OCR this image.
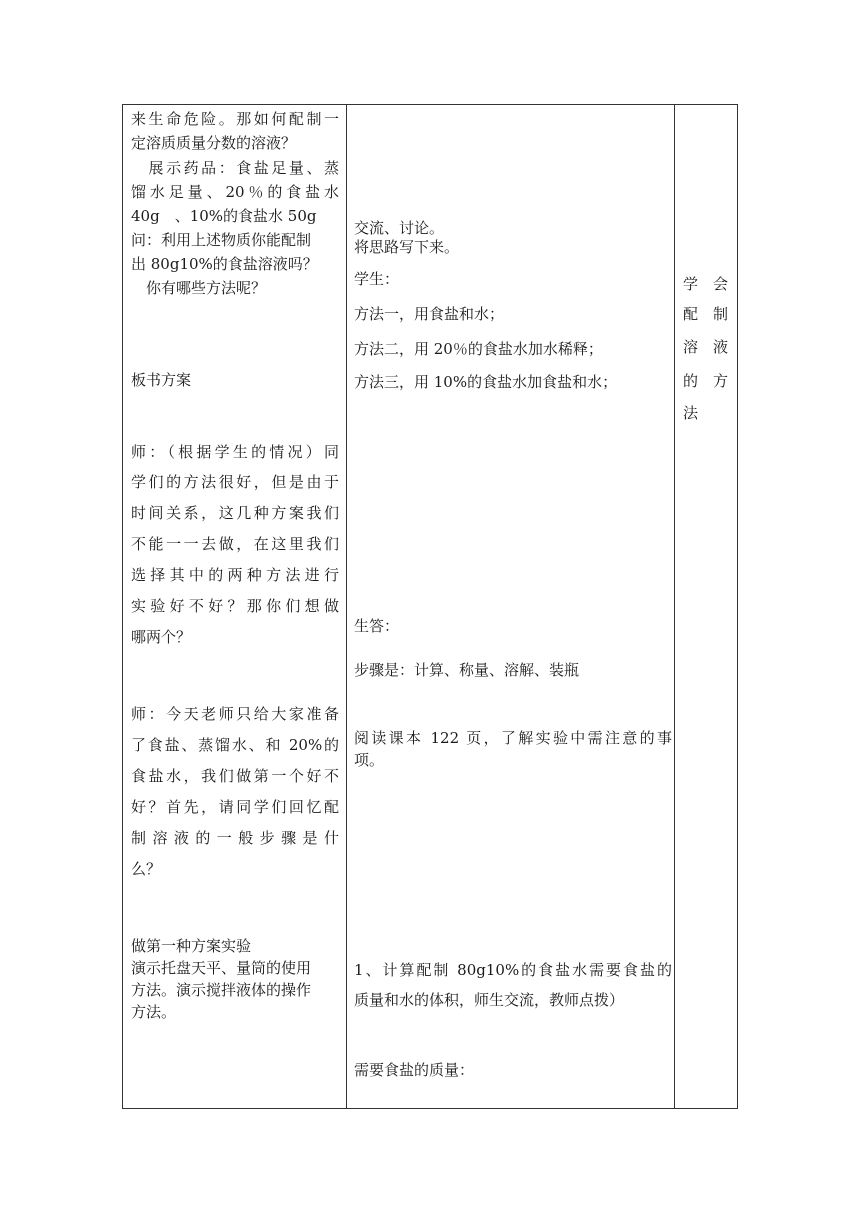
来生命危险。那如何配制一
定溶质质量分数的溶液？
　展示药品：食盐足量、蒸
馏水足量、20％的食盐水
40g　、10%的食盐水 50g
问：利用上述物质你能配制
出 80g10%的食盐溶液吗？
　你有哪些方法呢？
板书方案
师：（根据学生的情况）同
学们的方法很好，但是由于
时间关系，这几种方案我们
不能一一去做，在这里我们
选择其中的两种方法进行
实验好不好？那你们想做
哪两个？
师：今天老师只给大家准备
了食盐、蒸馏水、和 20%的
食盐水，我们做第一个好不
好？首先，请同学们回忆配
制溶液的一般步骤是什
么？
做第一种方案实验
演示托盘天平、量筒的使用
方法。演示搅拌液体的操作
方法。
交流、讨论。
将思路写下来。
学生：
方法一，用食盐和水；
方法二，用 20％的食盐水加水稀释；
方法三，用 10%的食盐水加食盐和水；
生答：
步骤是：计算、称量、溶解、装瓶
阅读课本 122 页，了解实验中需注意的事
项。
1、计算配制 80g10%的食盐水需要食盐的
质量和水的体积，师生交流，教师点拨）
需要食盐的质量：
学　会
配　制
溶　液
的　方
法
